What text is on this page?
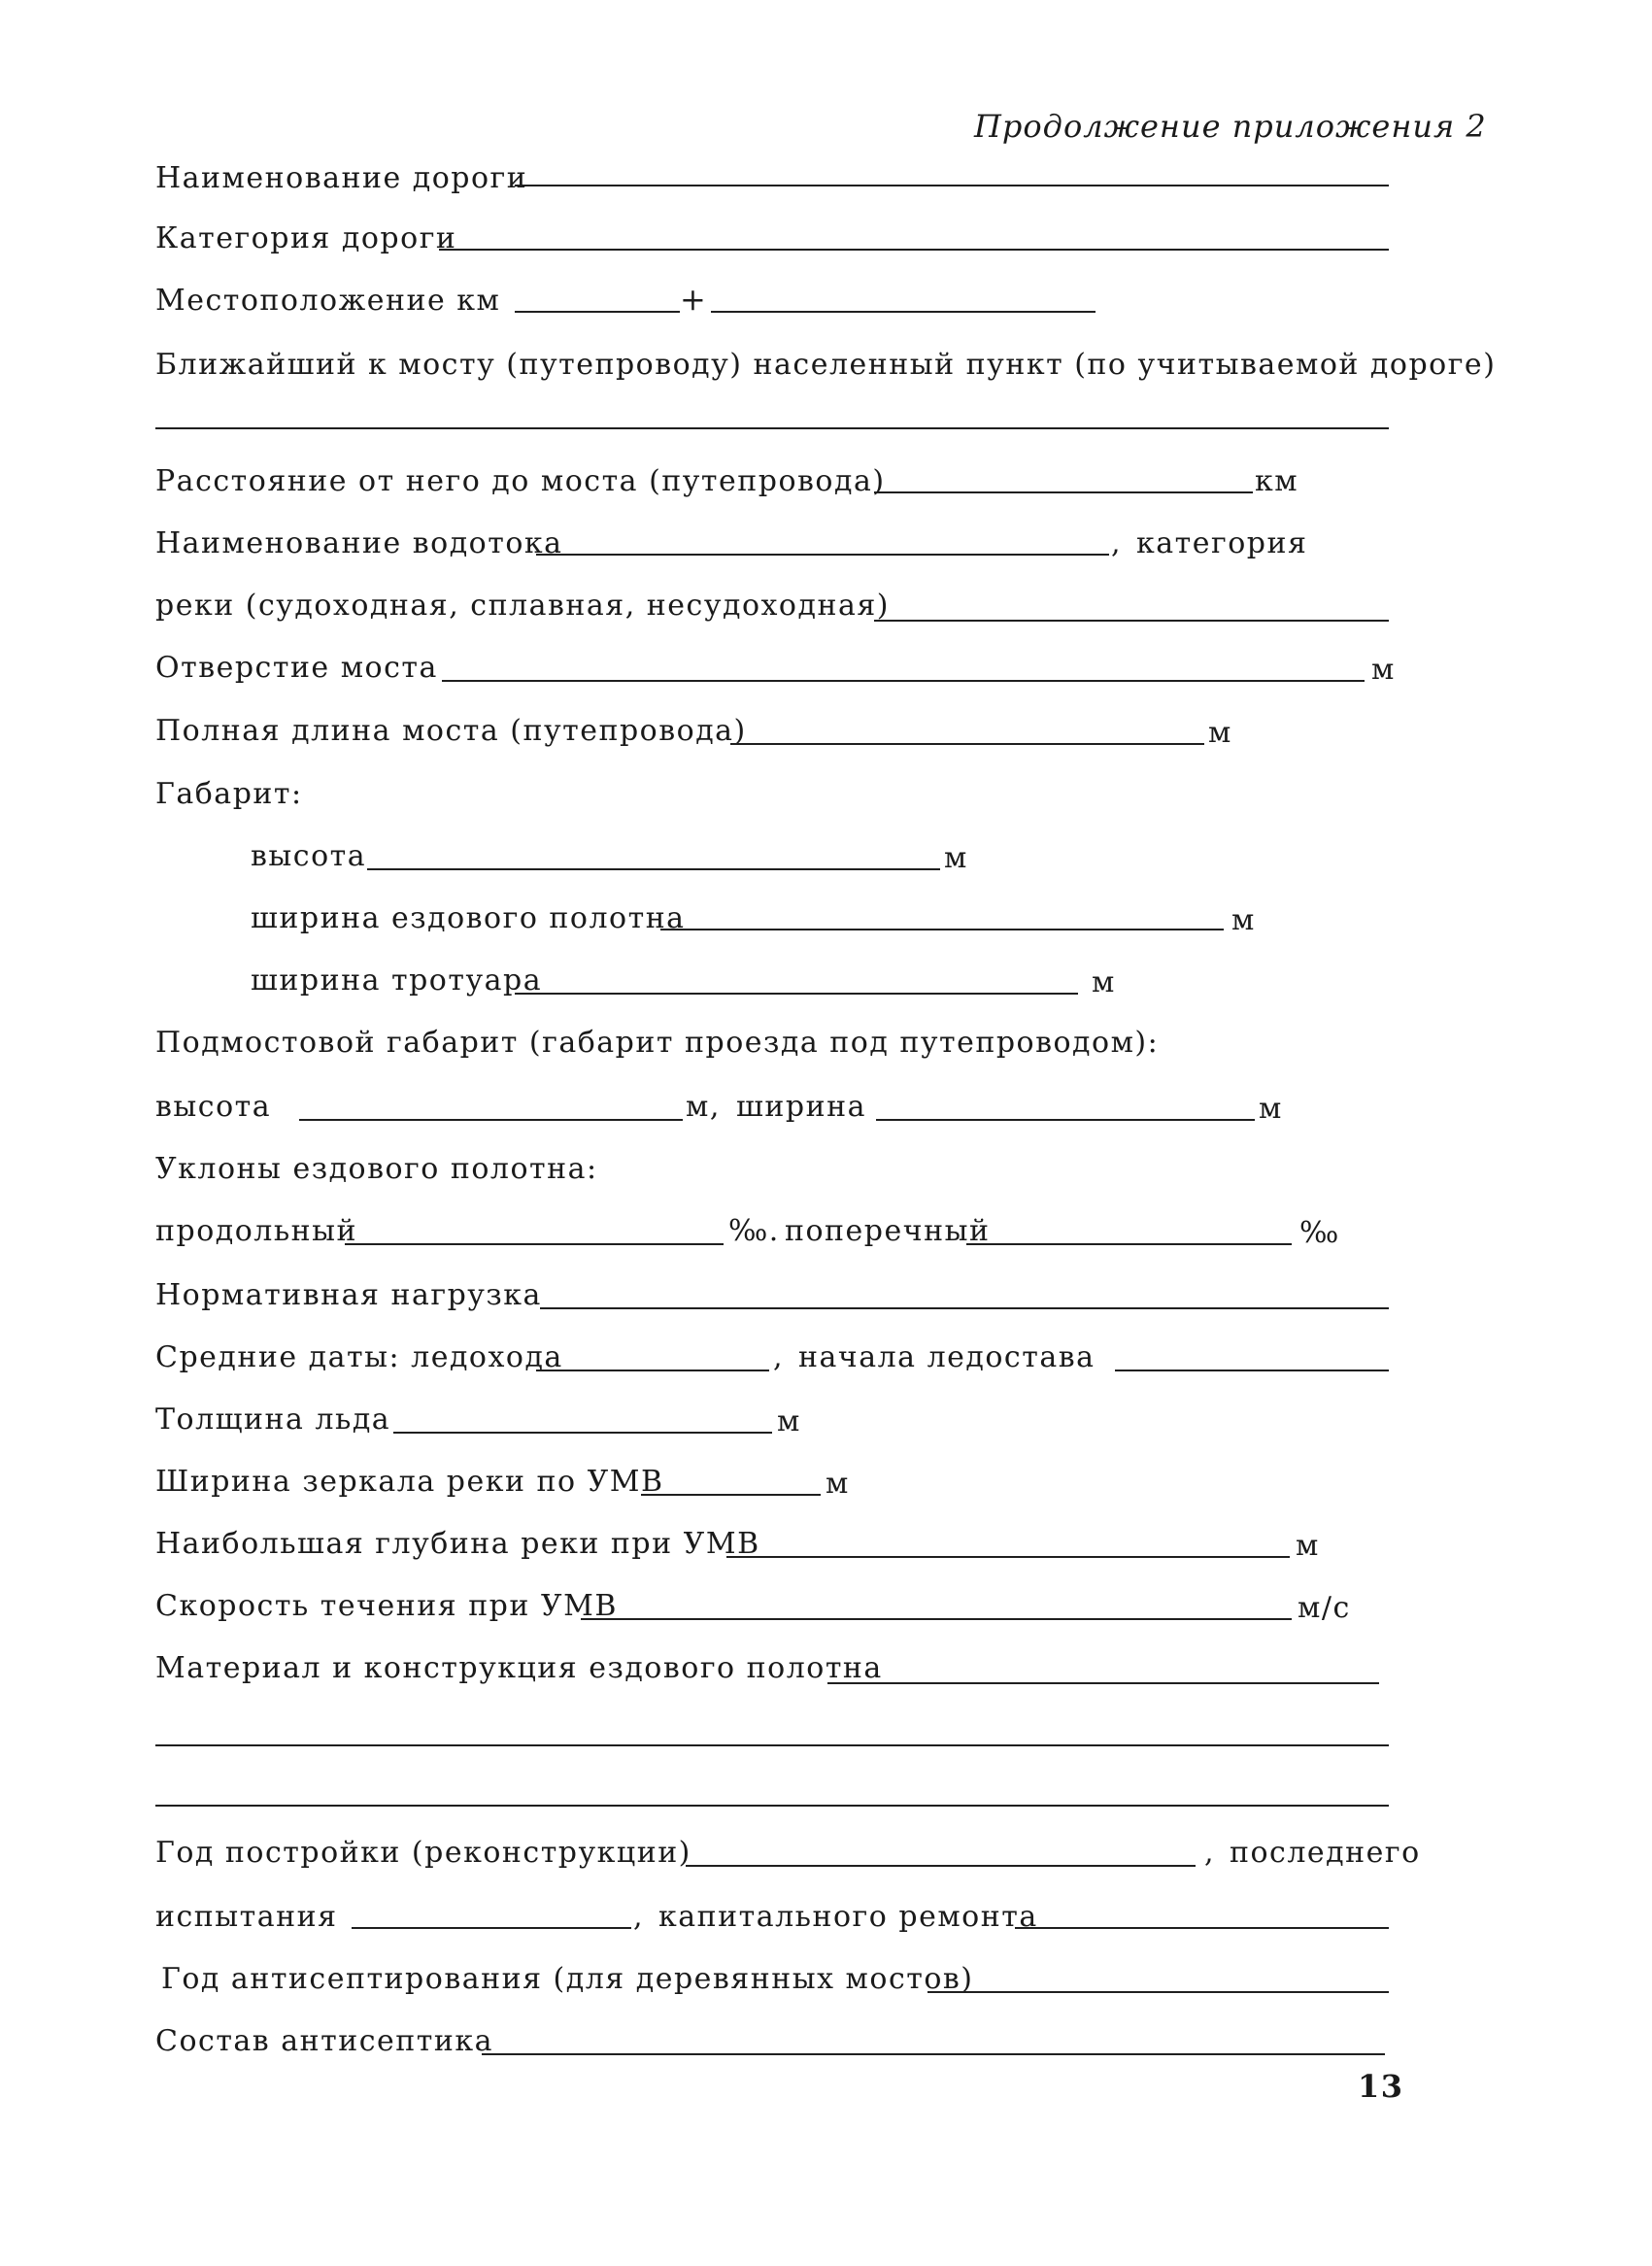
Продолжение приложения 2
Наименование дороги
Категория дороги
Местоположение км	+
Ближайший к мосту (путепроводу) населенный пункт (по учитываемой дороге)
Расстояние от него до моста (путепровода)	км
Наименование водотока	, категория
реки (судоходная, сплавная, несудоходная)
Отверстие моста	м
Полная длина моста (путепровода)	м
Габарит:
высота	м
ширина ездового полотна	м
ширина тротуара	м
Подмостовой габарит (габарит проезда под путепроводом):
высота	м, ширина	м
Уклоны ездового полотна:
продольный	‰. поперечный	‰
Нормативная нагрузка
Средние даты: ледохода	, начала ледостава
Толщина льда	м
Ширина зеркала реки по УМВ	м
Наибольшая глубина реки при УМВ	м
Скорость течения при УМВ	м/с
Материал и конструкция ездового полотна
Год постройки (реконструкции)	, последнего
испытания	, капитального ремонта
Год антисептирования (для деревянных мостов)
Состав антисептика
13
